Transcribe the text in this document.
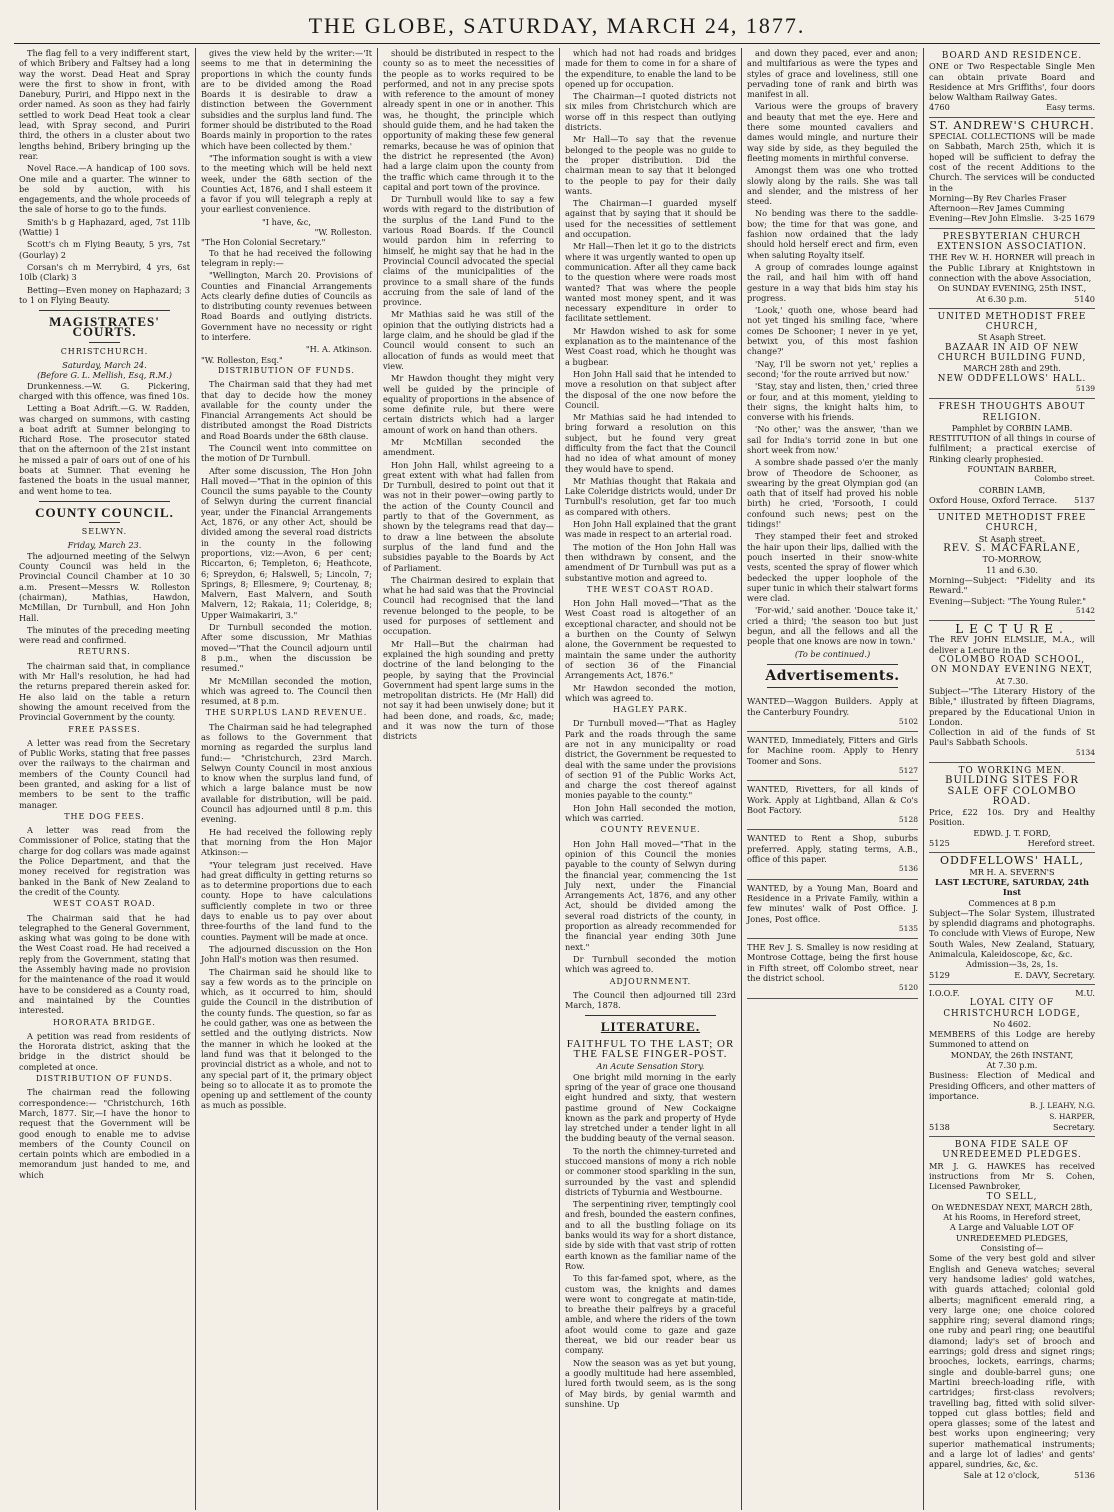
THE GLOBE, SATURDAY, MARCH 24, 1877.

The flag fell to a very indifferent start, of which Bribery and Faltsey had a long way the worst. Dead Heat and Spray were the first to show in front, with Danebury, Puriri, and Hippo next in the order named. As soon as they had fairly settled to work Dead Heat took a clear lead, with Spray second, and Puriri third, the others in a cluster about two lengths behind, Bribery bringing up the rear.

Novel Race.—A handicap of 100 sovs. One mile and a quarter. The winner to be sold by auction, with his engagements, and the whole proceeds of the sale of horse to go to the funds.

Smith's b g Haphazard, aged, 7st 11lb (Wattie) 1

Scott's ch m Flying Beauty, 5 yrs, 7st (Gourlay) 2

Corsan's ch m Merrybird, 4 yrs, 6st 10lb (Clark) 3

Betting—Even money on Haphazard; 3 to 1 on Flying Beauty.

MAGISTRATES' COURTS.
CHRISTCHURCH.
Saturday, March 24.
(Before G. L. Mellish, Esq, R.M.)

Drunkenness.—W. G. Pickering, charged with this offence, was fined 10s.

Letting a Boat Adrift.—G. W. Radden, was charged on summons, with casting a boat adrift at Sumner belonging to Richard Rose. The prosecutor stated that on the afternoon of the 21st instant he missed a pair of oars out of one of his boats at Sumner. That evening he fastened the boats in the usual manner, and went home to tea.

COUNTY COUNCIL.
SELWYN.
Friday, March 23.

The adjourned meeting of the Selwyn County Council was held in the Provincial Council Chamber at 10 30 a.m. Present—Messrs W. Rolleston (chairman), Mathias, Hawdon, McMillan, Dr Turnbull, and Hon John Hall.

The minutes of the preceding meeting were read and confirmed.

RETURNS.

The chairman said that, in compliance with Mr Hall's resolution, he had had the returns prepared therein asked for. He also laid on the table a return showing the amount received from the Provincial Government by the county.

FREE PASSES.

A letter was read from the Secretary of Public Works, stating that free passes over the railways to the chairman and members of the County Council had been granted, and asking for a list of members to be sent to the traffic manager.

THE DOG FEES.

A letter was read from the Commissioner of Police, stating that the charge for dog collars was made against the Police Department, and that the money received for registration was banked in the Bank of New Zealand to the credit of the County.

WEST COAST ROAD.

The Chairman said that he had telegraphed to the General Government, asking what was going to be done with the West Coast road. He had received a reply from the Government, stating that the Assembly having made no provision for the maintenance of the road it would have to be considered as a County road, and maintained by the Counties interested.

HORORATA BRIDGE.

A petition was read from residents of the Hororata district, asking that the bridge in the district should be completed at once.

DISTRIBUTION OF FUNDS.

The chairman read the following correspondence:— "Christchurch, 16th March, 1877. Sir,—I have the honor to request that the Government will be good enough to enable me to advise members of the County Council on certain points which are embodied in a memorandum just handed to me, and which

gives the view held by the writer:—'It seems to me that in determining the proportions in which the county funds are to be divided among the Road Boards it is desirable to draw a distinction between the Government subsidies and the surplus land fund. The former should be distributed to the Road Boards mainly in proportion to the rates which have been collected by them.'

"The information sought is with a view to the meeting which will be held next week, under the 68th section of the Counties Act, 1876, and I shall esteem it a favor if you will telegraph a reply at your earliest convenience.

"I have, &c,
"W. Rolleston.
"The Hon Colonial Secretary."

To that he had received the following telegram in reply:—

"Wellington, March 20. Provisions of Counties and Financial Arrangements Acts clearly define duties of Councils as to distributing county revenues between Road Boards and outlying districts. Government have no necessity or right to interfere.

"H. A. Atkinson.
"W. Rolleston, Esq."
DISTRIBUTION OF FUNDS.

The Chairman said that they had met that day to decide how the money available for the county under the Financial Arrangements Act should be distributed amongst the Road Districts and Road Boards under the 68th clause.

The Council went into committee on the motion of Dr Turnbull.

After some discussion, The Hon John Hall moved—"That in the opinion of this Council the sums payable to the County of Selwyn during the current financial year, under the Financial Arrangements Act, 1876, or any other Act, should be divided among the several road districts in the county in the following proportions, viz:—Avon, 6 per cent; Riccarton, 6; Templeton, 6; Heathcote, 6; Spreydon, 6; Halswell, 5; Lincoln, 7; Springs, 8; Ellesmere, 9; Courtenay, 8; Malvern, East Malvern, and South Malvern, 12; Rakaia, 11; Coleridge, 8; Upper Waimakariri, 3."

Dr Turnbull seconded the motion. After some discussion, Mr Mathias moved—"That the Council adjourn until 8 p.m., when the discussion be resumed."

Mr McMillan seconded the motion, which was agreed to. The Council then resumed, at 8 p.m.

THE SURPLUS LAND REVENUE.

The Chairman said he had telegraphed as follows to the Government that morning as regarded the surplus land fund:— "Christchurch, 23rd March. Selwyn County Council in most anxious to know when the surplus land fund, of which a large balance must be now available for distribution, will be paid. Council has adjourned until 8 p.m. this evening.

He had received the following reply that morning from the Hon Major Atkinson:—

"Your telegram just received. Have had great difficulty in getting returns so as to determine proportions due to each county. Hope to have calculations sufficiently complete in two or three days to enable us to pay over about three-fourths of the land fund to the counties. Payment will be made at once.

The adjourned discussion on the Hon John Hall's motion was then resumed.

The Chairman said he should like to say a few words as to the principle on which, as it occurred to him, should guide the Council in the distribution of the county funds. The question, so far as he could gather, was one as between the settled and the outlying districts. Now the manner in which he looked at the land fund was that it belonged to the provincial district as a whole, and not to any special part of it, the primary object being so to allocate it as to promote the opening up and settlement of the county as much as possible.

should be distributed in respect to the county so as to meet the necessities of the people as to works required to be performed, and not in any precise spots with reference to the amount of money already spent in one or in another. This was, he thought, the principle which should guide them, and he had taken the opportunity of making these few general remarks, because he was of opinion that the district he represented (the Avon) had a large claim upon the county from the traffic which came through it to the capital and port town of the province.

Dr Turnbull would like to say a few words with regard to the distribution of the surplus of the Land Fund to the various Road Boards. If the Council would pardon him in referring to himself, he might say that he had in the Provincial Council advocated the special claims of the municipalities of the province to a small share of the funds accruing from the sale of land of the province.

Mr Mathias said he was still of the opinion that the outlying districts had a large claim, and he should be glad if the Council would consent to such an allocation of funds as would meet that view.

Mr Hawdon thought they might very well be guided by the principle of equality of proportions in the absence of some definite rule, but there were certain districts which had a larger amount of work on hand than others.

Mr McMillan seconded the amendment.

Hon John Hall, whilst agreeing to a great extent with what had fallen from Dr Turnbull, desired to point out that it was not in their power—owing partly to the action of the County Council and partly to that of the Government, as shown by the telegrams read that day—to draw a line between the absolute surplus of the land fund and the subsidies payable to the Boards by Act of Parliament.

The Chairman desired to explain that what he had said was that the Provincial Council had recognised that the land revenue belonged to the people, to be used for purposes of settlement and occupation.

Mr Hall—But the chairman had explained the high sounding and pretty doctrine of the land belonging to the people, by saying that the Provincial Government had spent large sums in the metropolitan districts. He (Mr Hall) did not say it had been unwisely done; but it had been done, and roads, &c, made; and it was now the turn of those districts

which had not had roads and bridges made for them to come in for a share of the expenditure, to enable the land to be opened up for occupation.

The Chairman—I quoted districts not six miles from Christchurch which are worse off in this respect than outlying districts.

Mr Hall—To say that the revenue belonged to the people was no guide to the proper distribution. Did the chairman mean to say that it belonged to the people to pay for their daily wants.

The Chairman—I guarded myself against that by saying that it should be used for the necessities of settlement and occupation.

Mr Hall—Then let it go to the districts where it was urgently wanted to open up communication. After all they came back to the question where were roads most wanted? That was where the people wanted most money spent, and it was necessary expenditure in order to facilitate settlement.

Mr Hawdon wished to ask for some explanation as to the maintenance of the West Coast road, which he thought was a bugbear.

Hon John Hall said that he intended to move a resolution on that subject after the disposal of the one now before the Council.

Mr Mathias said he had intended to bring forward a resolution on this subject, but he found very great difficulty from the fact that the Council had no idea of what amount of money they would have to spend.

Mr Mathias thought that Rakaia and Lake Coleridge districts would, under Dr Turnbull's resolution, get far too much as compared with others.

Hon John Hall explained that the grant was made in respect to an arterial road.

The motion of the Hon John Hall was then withdrawn by consent, and the amendment of Dr Turnbull was put as a substantive motion and agreed to.

THE WEST COAST ROAD.

Hon John Hall moved—"That as the West Coast road is altogether of an exceptional character, and should not be a burthen on the County of Selwyn alone, the Government be requested to maintain the same under the authority of section 36 of the Financial Arrangements Act, 1876."

Mr Hawdon seconded the motion, which was agreed to.

HAGLEY PARK.

Dr Turnbull moved—"That as Hagley Park and the roads through the same are not in any municipality or road district, the Government be requested to deal with the same under the provisions of section 91 of the Public Works Act, and charge the cost thereof against monies payable to the county."

Hon John Hall seconded the motion, which was carried.

COUNTY REVENUE.

Hon John Hall moved—"That in the opinion of this Council the monies payable to the county of Selwyn during the financial year, commencing the 1st July next, under the Financial Arrangements Act, 1876, and any other Act, should be divided among the several road districts of the county, in proportion as already recommended for the financial year ending 30th June next."

Dr Turnbull seconded the motion which was agreed to.

ADJOURNMENT.

The Council then adjourned till 23rd March, 1878.

LITERATURE.
FAITHFUL TO THE LAST; OR THE FALSE FINGER-POST.
An Acute Sensation Story.

One bright mild morning in the early spring of the year of grace one thousand eight hundred and sixty, that western pastime ground of New Cockaigne known as the park and property of Hyde lay stretched under a tender light in all the budding beauty of the vernal season.

To the north the chimney-turreted and stuccoed mansions of mony a rich noble or commoner stood sparkling in the sun, surrounded by the vast and splendid districts of Tyburnia and Westbourne.

The serpentining river, temptingly cool and fresh, bounded the eastern confines, and to all the bustling foliage on its banks would its way for a short distance, side by side with that vast strip of rotten earth known as the familiar name of the Row.

To this far-famed spot, where, as the custom was, the knights and dames were wont to congregate at matin-tide, to breathe their palfreys by a graceful amble, and where the riders of the town afoot would come to gaze and gaze thereat, we bid our reader bear us company.

Now the season was as yet but young, a goodly multitude had here assembled, lured forth twould seem, as is the song of May birds, by genial warmth and sunshine. Up

and down they paced, ever and anon; and multifarious as were the types and styles of grace and loveliness, still one pervading tone of rank and birth was manifest in all.

Various were the groups of bravery and beauty that met the eye. Here and there some mounted cavaliers and dames would mingle, and nurture their way side by side, as they beguiled the fleeting moments in mirthful converse.

Amongst them was one who trotted slowly along by the rails. She was tall and slender, and the mistress of her steed.

No bending was there to the saddle-bow; the time for that was gone, and fashion now ordained that the lady should hold herself erect and firm, even when saluting Royalty itself.

A group of comrades lounge against the rail, and hail him with off hand gesture in a way that bids him stay his progress.

'Look,' quoth one, whose beard had not yet tinged his smiling face, 'where comes De Schooner; I never in ye yet, betwixt you, of this most fashion change?'

'Nay, I'll be sworn not yet,' replies a second; 'for the route arrived but now.'

'Stay, stay and listen, then,' cried three or four, and at this moment, yielding to their signs, the knight halts him, to converse with his friends.

'No other,' was the answer, 'than we sail for India's torrid zone in but one short week from now.'

A sombre shade passed o'er the manly brow of Theodore de Schooner, as swearing by the great Olympian god (an oath that of itself had proved his noble birth) he cried, 'Forsooth, I could confound such news; pest on the tidings!'

They stamped their feet and stroked the hair upon their lips, dallied with the pouch inserted in their snow-white vests, scented the spray of flower which bedecked the upper loophole of the super tunic in which their stalwart forms were clad.

'For-wid,' said another. 'Douce take it,' cried a third; 'the season too but just begun, and all the fellows and all the people that one knows are now in town.'

(To be continued.)
Advertisements.
WANTED—Waggon Builders. Apply at the Canterbury Foundry.
5102
WANTED, Immediately, Fitters and Girls for Machine room. Apply to Henry Toomer and Sons.
5127
WANTED, Rivetters, for all kinds of Work. Apply at Lightband, Allan & Co's Boot Factory.
5128
WANTED to Rent a Shop, suburbs preferred. Apply, stating terms, A.B., office of this paper.
5136
WANTED, by a Young Man, Board and Residence in a Private Family, within a few minutes' walk of Post Office. J. Jones, Post office.
5135
THE Rev J. S. Smalley is now residing at Montrose Cottage, being the first house in Fifth street, off Colombo street, near the district school.
5120
BOARD AND RESIDENCE.
ONE or Two Respectable Single Men can obtain private Board and Residence at Mrs Griffiths', four doors below Waltham Railway Gates.
4760	Easy terms.
ST. ANDREW'S CHURCH.
SPECIAL COLLECTIONS will be made on Sabbath, March 25th, which it is hoped will be sufficient to defray the cost of the recent Additions to the Church. The services will be conducted in the
Morning—By Rev Charles Fraser
Afternoon—Rev James Cumming
Evening—Rev John Elmslie. 3-25 1679
PRESBYTERIAN CHURCH EXTENSION ASSOCIATION.
THE Rev W. H. HORNER will preach in the Public Library at Knightstown in connection with the above Association,
On SUNDAY EVENING, 25th INST.,
At 6.30 p.m.	5140
UNITED METHODIST FREE CHURCH,
St Asaph Street.
BAZAAR IN AID OF NEW CHURCH BUILDING FUND,
MARCH 28th and 29th.
NEW ODDFELLOWS' HALL.
5139
FRESH THOUGHTS ABOUT RELIGION.
Pamphlet by CORBIN LAMB.
RESTITUTION of all things in course of fulfilment; a practical exercise of Rinking clearly prophesied.
FOUNTAIN BARBER,
Colombo street.
CORBIN LAMB,
Oxford House, Oxford Terrace. 5137
UNITED METHODIST FREE CHURCH,
St Asaph street.
REV. S. MACFARLANE,
TO-MORROW,
11 and 6.30.
Morning—Subject: "Fidelity and its Reward."
Evening—Subject: "The Young Ruler."
5142
LECTURE.
The REV JOHN ELMSLIE, M.A., will deliver a Lecture in the
COLOMBO ROAD SCHOOL,
ON MONDAY EVENING NEXT,
At 7.30.
Subject—"The Literary History of the Bible," illustrated by fifteen Diagrams, prepared by the Educational Union in London.
Collection in aid of the funds of St Paul's Sabbath Schools.
5134
TO WORKING MEN.
BUILDING SITES FOR SALE OFF COLOMBO ROAD.
Price, £22 10s. Dry and Healthy Position.
EDWD. J. T. FORD,
5125	Hereford street.
ODDFELLOWS' HALL,
MR H. A. SEVERN'S
LAST LECTURE, SATURDAY, 24th Inst
Commences at 8 p.m
Subject—The Solar System, illustrated by splendid diagrams and photographs. To conclude with Views of Europe, New South Wales, New Zealand, Statuary, Animalcula, Kaleidoscope, &c, &c.
Admission—3s, 2s, 1s.
5129	E. DAVY, Secretary.
I.O.O.F.	M.U.
LOYAL CITY OF CHRISTCHURCH LODGE,
No 4602.
MEMBERS of this Lodge are hereby Summoned to attend on
MONDAY, the 26th INSTANT,
At 7.30 p.m.
Business: Election of Medical and Presiding Officers, and other matters of importance.
B. J. LEAHY, N.G.
S. HARPER,
5138	Secretary.
BONA FIDE SALE OF UNREDEEMED PLEDGES.
MR J. G. HAWKES has received instructions from Mr S. Cohen, Licensed Pawnbroker,
TO SELL,
On WEDNESDAY NEXT, MARCH 28th, At his Rooms, in Hereford street,
A Large and Valuable LOT OF UNREDEEMED PLEDGES,
Consisting of—
Some of the very best gold and silver English and Geneva watches; several very handsome ladies' gold watches, with guards attached; colonial gold alberts; magnificent emerald ring, a very large one; one choice colored sapphire ring; several diamond rings; one ruby and pearl ring; one beautiful diamond; lady's set of brooch and earrings; gold dress and signet rings; brooches, lockets, earrings, charms; single and double-barrel guns; one Martini breech-loading rifle, with cartridges; first-class revolvers; travelling bag, fitted with solid silver-topped cut glass bottles; field and opera glasses; some of the latest and best works upon engineering; very superior mathematical instruments; and a large lot of ladies' and gents' apparel, sundries, &c, &c.
Sale at 12 o'clock,	5136
